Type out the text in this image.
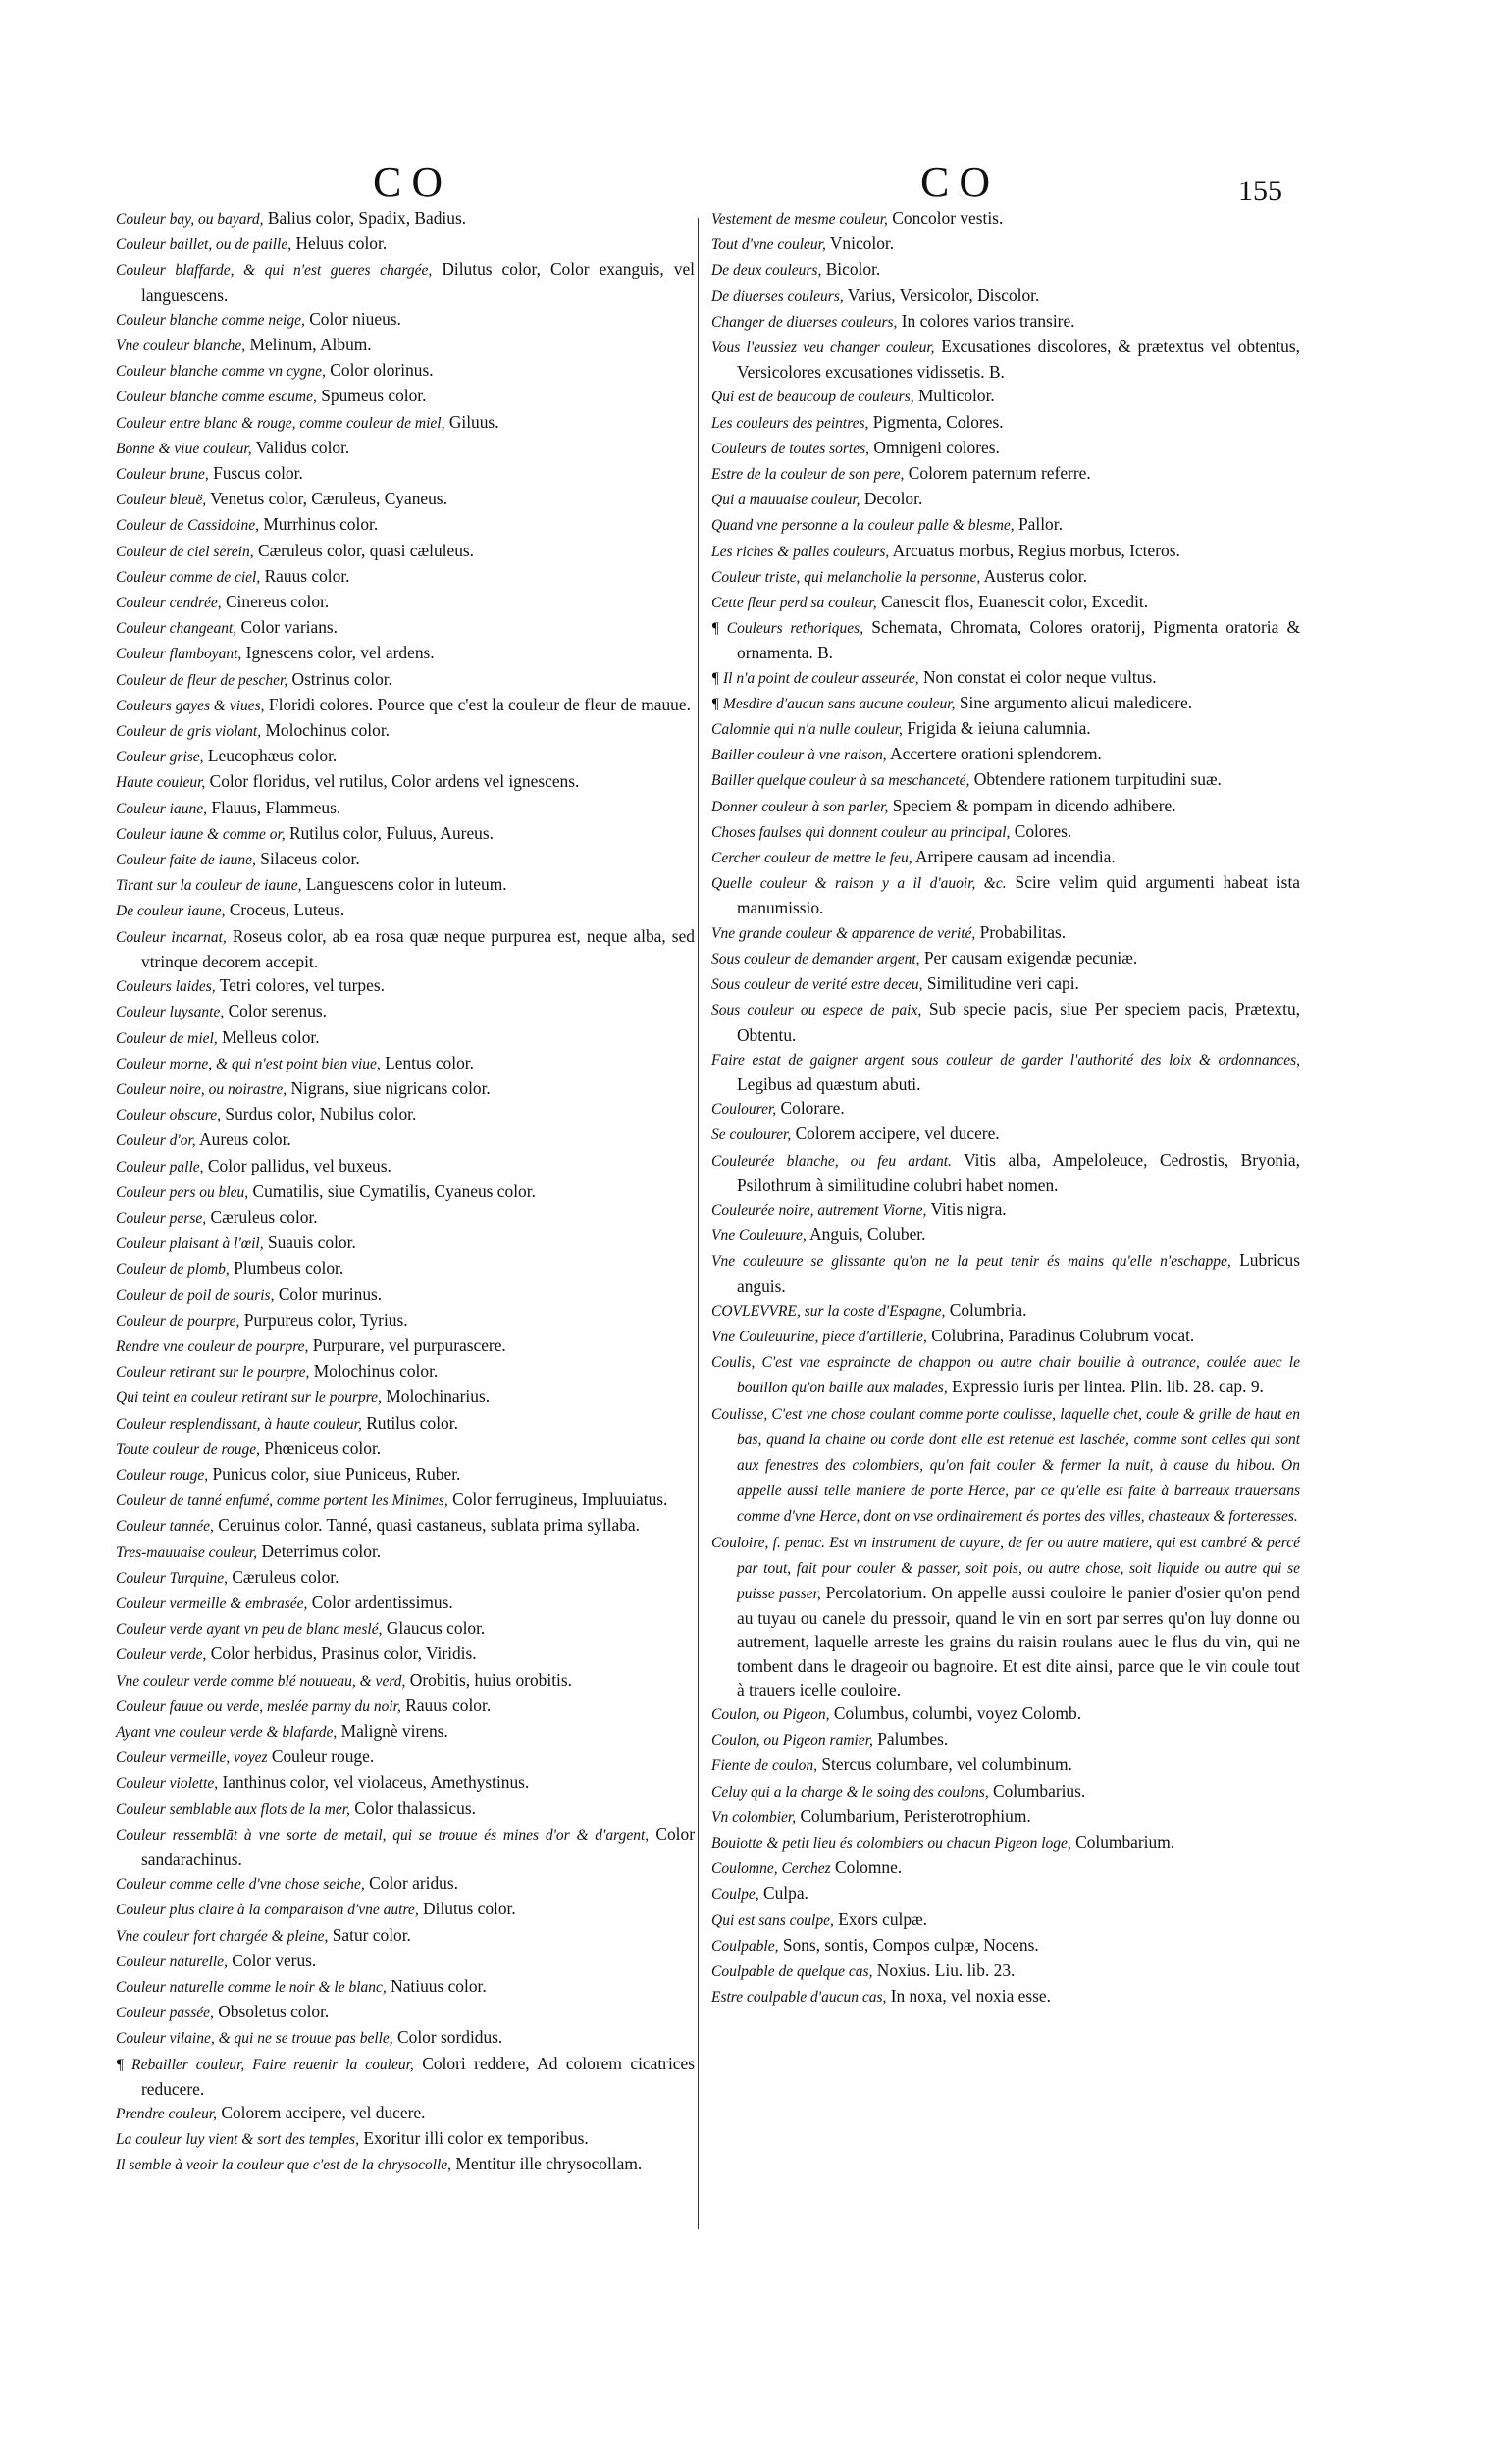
CO	CO	155
Couleur bay, ou bayard, Balius color, Spadix, Badius.
Couleur baillet, ou de paille, Heluus color.
Couleur blaffarde, & qui n'est gueres chargée, Dilutus color, Color exanguis, vel languescens.
Couleur blanche comme neige, Color niueus.
Vne couleur blanche, Melinum, Album.
Couleur blanche comme vn cygne, Color olorinus.
Couleur blanche comme escume, Spumeus color.
Couleur entre blanc & rouge, comme couleur de miel, Giluus.
Bonne & viue couleur, Validus color.
Couleur brune, Fuscus color.
Couleur bleuë, Venetus color, Cæruleus, Cyaneus.
Couleur de Cassidoine, Murrhinus color.
Couleur de ciel serein, Cæruleus color, quasi cæluleus.
Couleur comme de ciel, Rauus color.
Couleur cendrée, Cinereus color.
Couleur changeant, Color varians.
Couleur flamboyant, Ignescens color, vel ardens.
Couleur de fleur de pescher, Ostrinus color.
Couleurs gayes & viues, Floridi colores. Pource que c'est la couleur de fleur de mauue.
Couleur de gris violant, Molochinus color.
Couleur grise, Leucophæus color.
Haute couleur, Color floridus, vel rutilus, Color ardens vel ignescens.
Couleur iaune, Flauus, Flammeus.
Couleur iaune & comme or, Rutilus color, Fuluus, Aureus.
Couleur faite de iaune, Silaceus color.
Tirant sur la couleur de iaune, Languescens color in luteum.
De couleur iaune, Croceus, Luteus.
Couleur incarnat, Roseus color, ab ea rosa quæ neque purpurea est, neque alba, sed vtrinque decorem accepit.
Couleurs laides, Tetri colores, vel turpes.
Couleur luysante, Color serenus.
Couleur de miel, Melleus color.
Couleur morne, & qui n'est point bien viue, Lentus color.
Couleur noire, ou noirastre, Nigrans, siue nigricans color.
Couleur obscure, Surdus color, Nubilus color.
Couleur d'or, Aureus color.
Couleur palle, Color pallidus, vel buxeus.
Couleur pers ou bleu, Cumatilis, siue Cymatilis, Cyaneus color.
Couleur perse, Cæruleus color.
Couleur plaisant à l'œil, Suauis color.
Couleur de plomb, Plumbeus color.
Couleur de poil de souris, Color murinus.
Couleur de pourpre, Purpureus color, Tyrius.
Rendre vne couleur de pourpre, Purpurare, vel purpurascere.
Couleur retirant sur le pourpre, Molochinus color.
Qui teint en couleur retirant sur le pourpre, Molochinarius.
Couleur resplendissant, à haute couleur, Rutilus color.
Toute couleur de rouge, Phœniceus color.
Couleur rouge, Punicus color, siue Puniceus, Ruber.
Couleur de tanné enfumé, comme portent les Minimes, Color ferrugineus, Impluuiatus.
Couleur tannée, Ceruinus color. Tanné, quasi castaneus, sublata prima syllaba.
Tres-mauuaise couleur, Deterrimus color.
Couleur Turquine, Cæruleus color.
Couleur vermeille & embrasée, Color ardentissimus.
Couleur verde ayant vn peu de blanc meslé, Glaucus color.
Couleur verde, Color herbidus, Prasinus color, Viridis.
Vne couleur verde comme blé nouueau, & verd, Orobitis, huius orobitis.
Couleur fauue ou verde, meslée parmy du noir, Rauus color.
Ayant vne couleur verde & blafarde, Malignè virens.
Couleur vermeille, voyez Couleur rouge.
Couleur violette, Ianthinus color, vel violaceus, Amethystinus.
Couleur semblable aux flots de la mer, Color thalassicus.
Couleur ressemblāt à vne sorte de metail, qui se trouue és mines d'or & d'argent, Color sandarachinus.
Couleur comme celle d'vne chose seiche, Color aridus.
Couleur plus claire à la comparaison d'vne autre, Dilutus color.
Vne couleur fort chargée & pleine, Satur color.
Couleur naturelle, Color verus.
Couleur naturelle comme le noir & le blanc, Natiuus color.
Couleur passée, Obsoletus color.
Couleur vilaine, & qui ne se trouue pas belle, Color sordidus.
¶ Rebailler couleur, Faire reuenir la couleur, Colori reddere, Ad colorem cicatrices reducere.
Prendre couleur, Colorem accipere, vel ducere.
La couleur luy vient & sort des temples, Exoritur illi color ex temporibus.
Il semble à veoir la couleur que c'est de la chrysocolle, Mentitur ille chrysocollam.
Vestement de mesme couleur, Concolor vestis.
Tout d'vne couleur, Vnicolor.
De deux couleurs, Bicolor.
De diuerses couleurs, Varius, Versicolor, Discolor.
Changer de diuerses couleurs, In colores varios transire.
Vous l'eussiez veu changer couleur, Excusationes discolores, & prætextus vel obtentus, Versicolores excusationes vidissetis. B.
Qui est de beaucoup de couleurs, Multicolor.
Les couleurs des peintres, Pigmenta, Colores.
Couleurs de toutes sortes, Omnigeni colores.
Estre de la couleur de son pere, Colorem paternum referre.
Qui a mauuaise couleur, Decolor.
Quand vne personne a la couleur palle & blesme, Pallor.
Les riches & palles couleurs, Arcuatus morbus, Regius morbus, Icteros.
Couleur triste, qui melancholie la personne, Austerus color.
Cette fleur perd sa couleur, Canescit flos, Euanescit color, Excedit.
¶ Couleurs rethoriques, Schemata, Chromata, Colores oratorij, Pigmenta oratoria & ornamenta. B.
¶ Il n'a point de couleur asseurée, Non constat ei color neque vultus.
¶ Mesdire d'aucun sans aucune couleur, Sine argumento alicui maledicere.
Calomnie qui n'a nulle couleur, Frigida & ieiuna calumnia.
Bailler couleur à vne raison, Accertere orationi splendorem.
Bailler quelque couleur à sa meschanceté, Obtendere rationem turpitudini suæ.
Donner couleur à son parler, Speciem & pompam in dicendo adhibere.
Choses faulses qui donnent couleur au principal, Colores.
Cercher couleur de mettre le feu, Arripere causam ad incendia.
Quelle couleur & raison y a il d'auoir, &c. Scire velim quid argumenti habeat ista manumissio.
Vne grande couleur & apparence de verité, Probabilitas.
Sous couleur de demander argent, Per causam exigendæ pecuniæ.
Sous couleur de verité estre deceu, Similitudine veri capi.
Sous couleur ou espece de paix, Sub specie pacis, siue Per speciem pacis, Prætextu, Obtentu.
Faire estat de gaigner argent sous couleur de garder l'authorité des loix & ordonnances, Legibus ad quæstum abuti.
Coulourer, Colorare.
Se coulourer, Colorem accipere, vel ducere.
Couleurée blanche, ou feu ardant. Vitis alba, Ampeloleuce, Cedrostis, Bryonia, Psilothrum à similitudine colubri habet nomen.
Couleurée noire, autrement Viorne, Vitis nigra.
Vne Couleuure, Anguis, Coluber.
Vne couleuure se glissante qu'on ne la peut tenir és mains qu'elle n'eschappe, Lubricus anguis.
COVLEVVRE, sur la coste d'Espagne, Columbria.
Vne Couleuurine, piece d'artillerie, Colubrina, Paradinus Colubrum vocat.
Coulis, C'est vne espraincte de chappon ou autre chair bouilie à outrance, coulée auec le bouillon qu'on baille aux malades, Expressio iuris per lintea. Plin. lib. 28. cap. 9.
Coulisse, C'est vne chose coulant comme porte coulisse, laquelle chet, coule & grille de haut en bas, quand la chaine ou corde dont elle est retenuë est laschée, comme sont celles qui sont aux fenestres des colombiers, qu'on fait couler & fermer la nuit, à cause du hibou. On appelle aussi telle maniere de porte Herce, par ce qu'elle est faite à barreaux trauersans comme d'vne Herce, dont on vse ordinairement és portes des villes, chasteaux & forteresses.
Couloire, f. penac. Est vn instrument de cuyure, de fer ou autre matiere, qui est cambré & percé par tout, fait pour couler & passer, soit pois, ou autre chose, soit liquide ou autre qui se puisse passer, Percolatorium. On appelle aussi couloire le panier d'osier qu'on pend au tuyau ou canele du pressoir, quand le vin en sort par serres qu'on luy donne ou autrement, laquelle arreste les grains du raisin roulans auec le flus du vin, qui ne tombent dans le drageoir ou bagnoire. Et est dite ainsi, parce que le vin coule tout à trauers icelle couloire.
Coulon, ou Pigeon, Columbus, columbi, voyez Colomb.
Coulon, ou Pigeon ramier, Palumbes.
Fiente de coulon, Stercus columbare, vel columbinum.
Celuy qui a la charge & le soing des coulons, Columbarius.
Vn colombier, Columbarium, Peristerotrophium.
Bouiotte & petit lieu és colombiers ou chacun Pigeon loge, Columbarium.
Coulomne, Cerchez Colomne.
Coulpe, Culpa.
Qui est sans coulpe, Exors culpæ.
Coulpable, Sons, sontis, Compos culpæ, Nocens.
Coulpable de quelque cas, Noxius. Liu. lib. 23.
Estre coulpable d'aucun cas, In noxa, vel noxia esse.
